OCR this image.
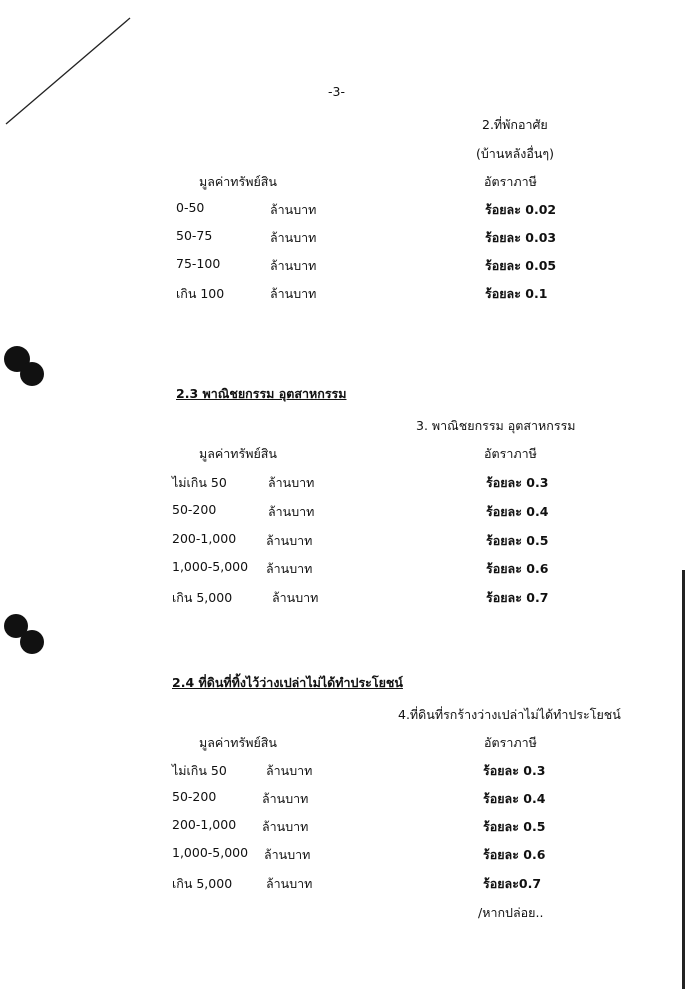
-3-
2.ที่พักอาศัย
(บ้านหลังอื่นๆ)
มูลค่าทรัพย์สิน	อัตราภาษี
0-50	ล้านบาท	ร้อยละ 0.02
50-75	ล้านบาท	ร้อยละ 0.03
75-100	ล้านบาท	ร้อยละ 0.05
เกิน 100	ล้านบาท	ร้อยละ 0.1
2.3 พาณิชยกรรม อุตสาหกรรม
3. พาณิชยกรรม อุตสาหกรรม
มูลค่าทรัพย์สิน	อัตราภาษี
ไม่เกิน 50	ล้านบาท	ร้อยละ 0.3
50-200	ล้านบาท	ร้อยละ 0.4
200-1,000 ล้านบาท	ร้อยละ 0.5
1,000-5,000 ล้านบาท	ร้อยละ 0.6
เกิน 5,000	ล้านบาท	ร้อยละ 0.7
2.4 ที่ดินที่ทิ้งไว้ว่างเปล่าไม่ได้ทำประโยชน์
4.ที่ดินที่รกร้างว่างเปล่าไม่ได้ทำประโยชน์
มูลค่าทรัพย์สิน	อัตราภาษี
ไม่เกิน 50	ล้านบาท	ร้อยละ 0.3
50-200	ล้านบาท	ร้อยละ 0.4
200-1,000 ล้านบาท	ร้อยละ 0.5
1,000-5,000 ล้านบาท	ร้อยละ 0.6
เกิน 5,000	ล้านบาท	ร้อยละ0.7
/หากปล่อย..
